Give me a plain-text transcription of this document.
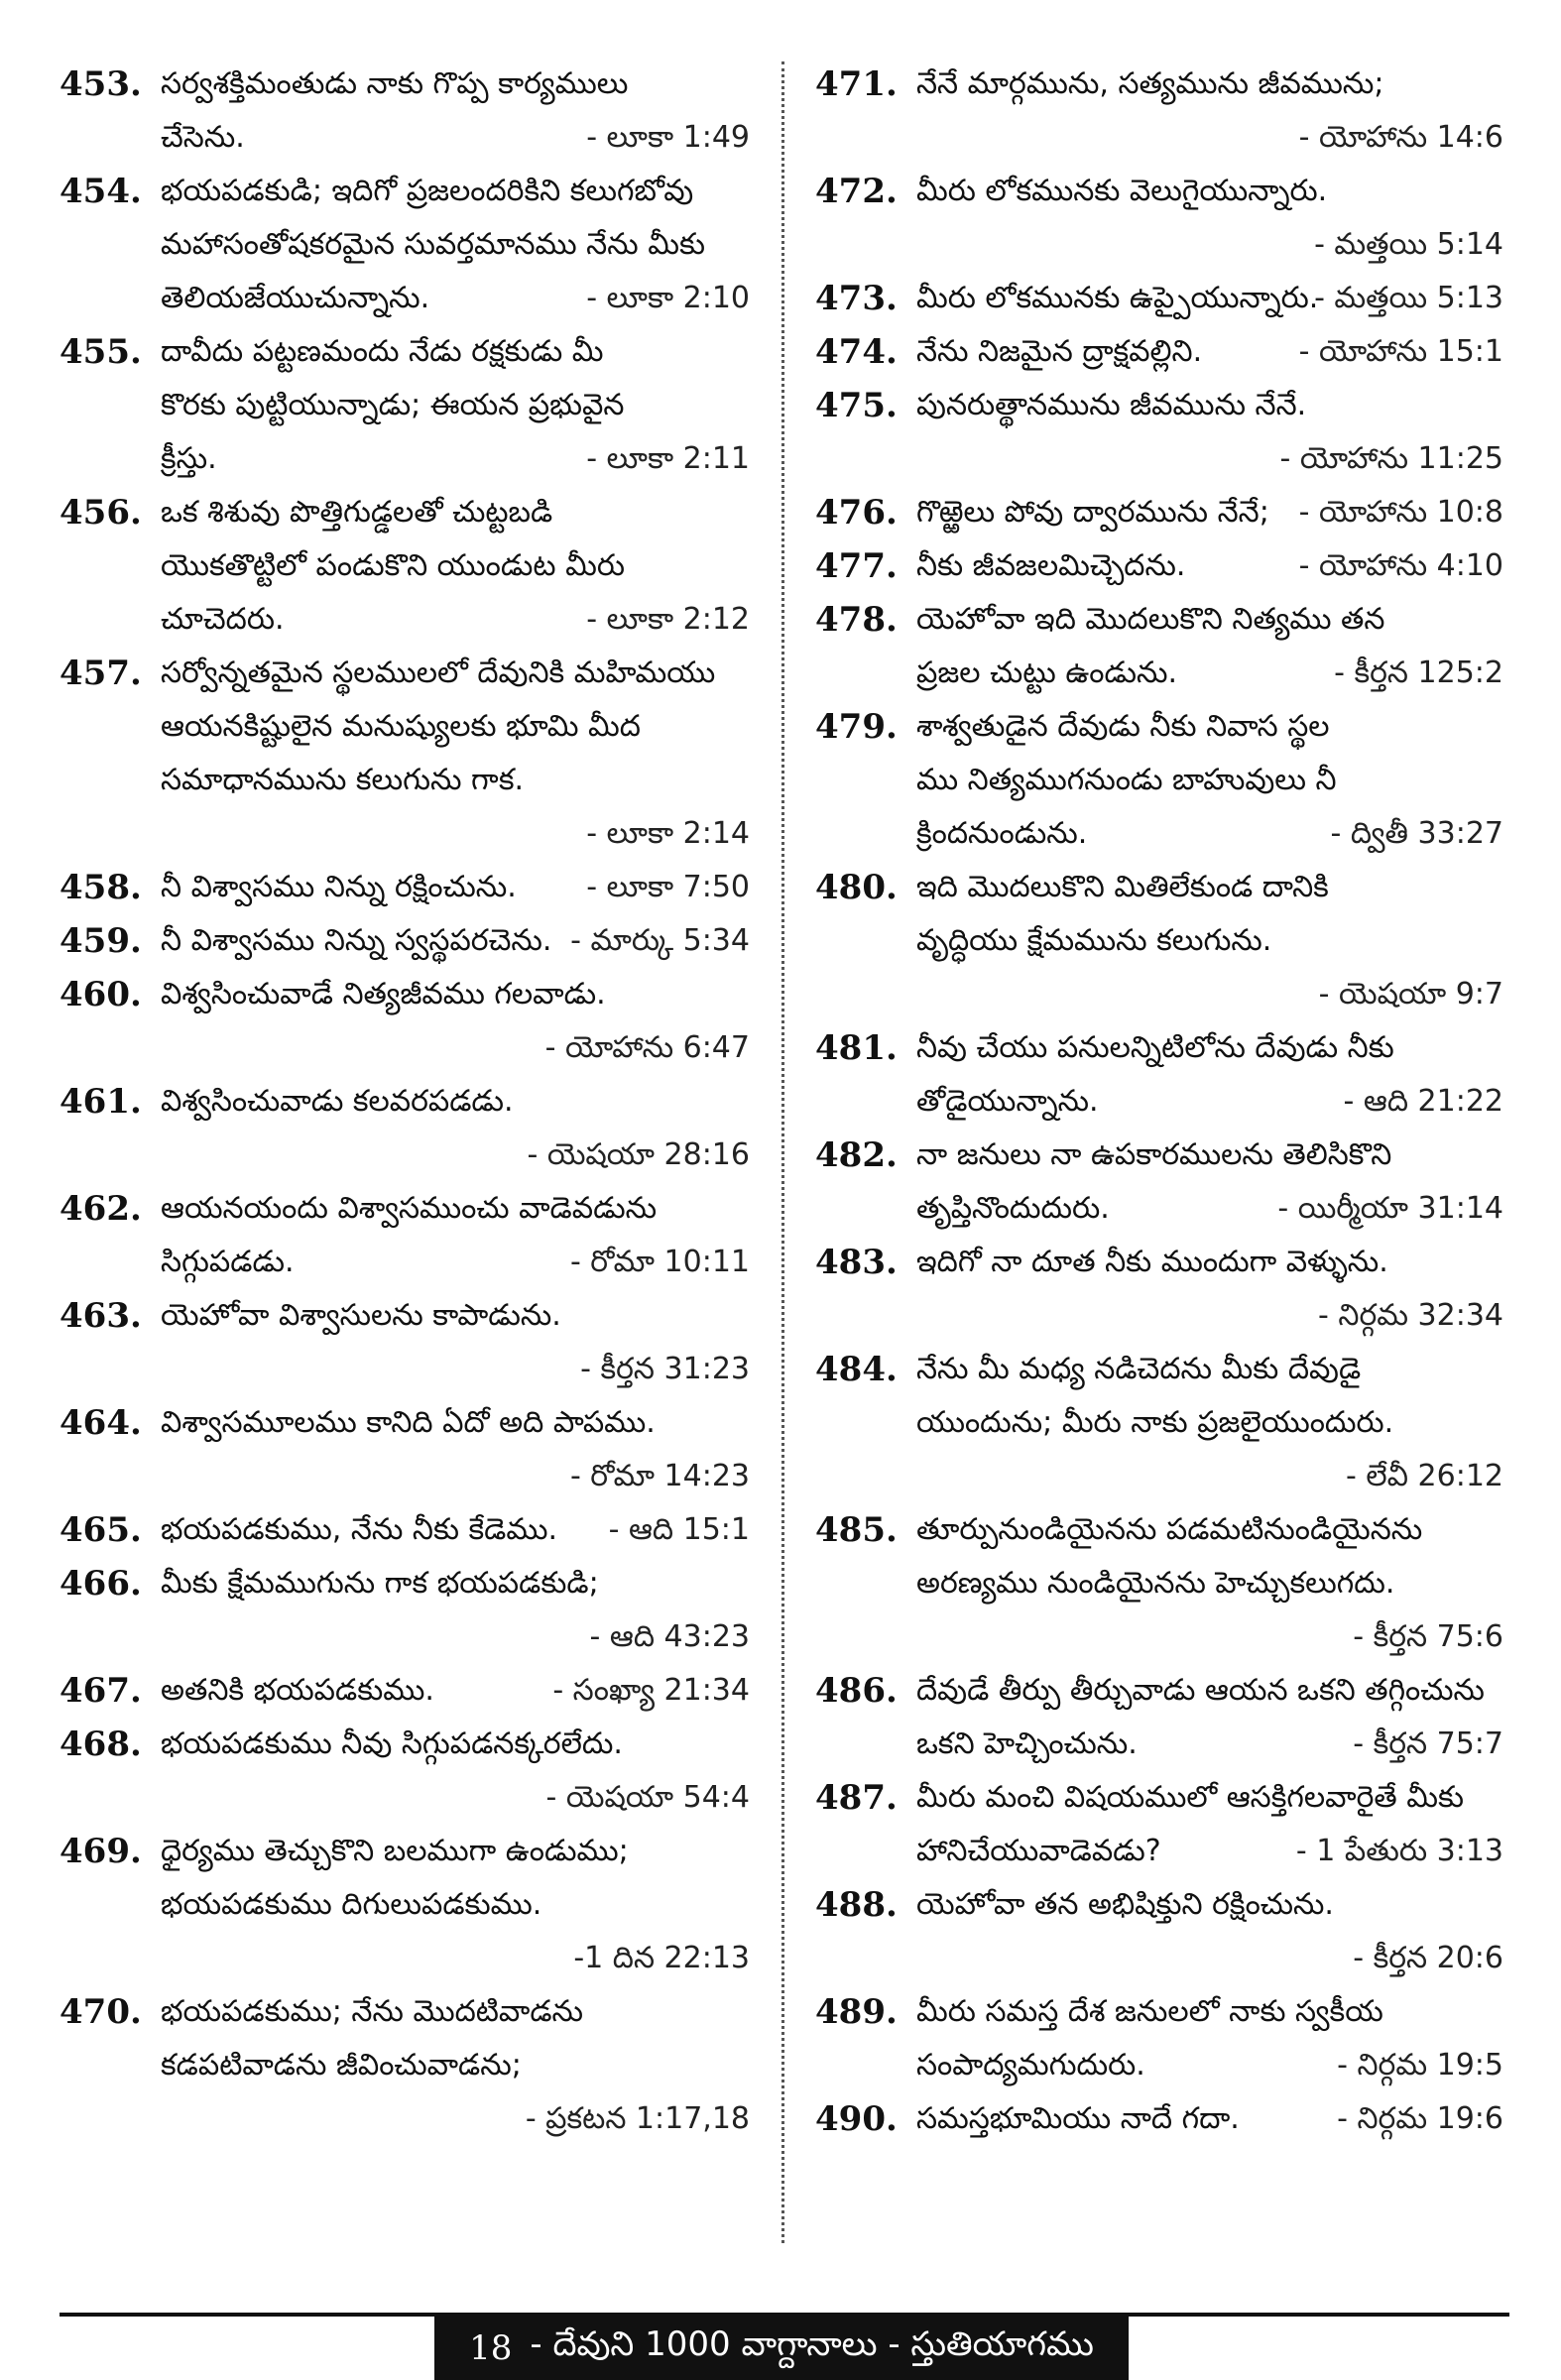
453. సర్వశక్తిమంతుడు నాకు గొప్ప కార్యములు
చేసెను.	- లూకా 1:49
454. భయపడకుడి; ఇదిగో ప్రజలందరికిని కలుగబోవు
మహాసంతోషకరమైన సువర్తమానము నేను మీకు
తెలియజేయుచున్నాను.	- లూకా 2:10
455. దావీదు పట్టణమందు నేడు రక్షకుడు మీ
కొరకు పుట్టియున్నాడు; ఈయన ప్రభువైన
క్రీస్తు.	- లూకా 2:11
456. ఒక శిశువు పొత్తిగుడ్డలతో చుట్టబడి
యొకతొట్టిలో పండుకొని యుండుట మీరు
చూచెదరు.	- లూకా 2:12
457. సర్వోన్నతమైన స్థలములలో దేవునికి మహిమయు
ఆయనకిష్టులైన మనుష్యులకు భూమి మీద
సమాధానమును కలుగును గాక.
- లూకా 2:14
458. నీ విశ్వాసము నిన్ను రక్షించును. - లూకా 7:50
459. నీ విశ్వాసము నిన్ను స్వస్థపరచెను. - మార్కు 5:34
460. విశ్వసించువాడే నిత్యజీవము గలవాడు.
- యోహాను 6:47
461. విశ్వసించువాడు కలవరపడడు.
- యెషయా 28:16
462. ఆయనయందు విశ్వాసముంచు వాడెవడును
సిగ్గుపడడు.	- రోమా 10:11
463. యెహోవా విశ్వాసులను కాపాడును.
- కీర్తన 31:23
464. విశ్వాసమూలము కానిది ఏదో అది పాపము.
- రోమా 14:23
465. భయపడకుము, నేను నీకు కేడెము. - ఆది 15:1
466. మీకు క్షేమముగును గాక భయపడకుడి;
- ఆది 43:23
467. అతనికి భయపడకుము.	- సంఖ్యా 21:34
468. భయపడకుము నీవు సిగ్గుపడనక్కరలేదు.
- యెషయా 54:4
469. ధైర్యము తెచ్చుకొని బలముగా ఉండుము;
భయపడకుము దిగులుపడకుము.
-1 దిన 22:13
470. భయపడకుము; నేను మొదటివాడను
కడపటివాడను జీవించువాడను;
- ప్రకటన 1:17,18
471. నేనే మార్గమును, సత్యమును జీవమును;
- యోహాను 14:6
472. మీరు లోకమునకు వెలుగైయున్నారు.
- మత్తయి 5:14
473. మీరు లోకమునకు ఉప్పైయున్నారు.
- మత్తయి 5:13
474. నేను నిజమైన ద్రాక్షవల్లిని.	- యోహాను 15:1
475. పునరుత్థానమును జీవమును నేనే.
- యోహాను 11:25
476. గొఱ్ఱెలు పోవు ద్వారమును నేనే; - యోహాను 10:8
477. నీకు జీవజలమిచ్చెదను.	- యోహాను 4:10
478. యెహోవా ఇది మొదలుకొని నిత్యము తన
ప్రజల చుట్టు ఉండును.	- కీర్తన 125:2
479. శాశ్వతుడైన దేవుడు నీకు నివాస స్థల
ము నిత్యముగనుండు బాహువులు నీ
క్రిందనుండును.	- ద్వితీ 33:27
480. ఇది మొదలుకొని మితిలేకుండ దానికి
వృద్ధియు క్షేమమును కలుగును.
- యెషయా 9:7
481. నీవు చేయు పనులన్నిటిలోను దేవుడు నీకు
తోడైయున్నాను.	- ఆది 21:22
482. నా జనులు నా ఉపకారములను తెలిసికొని
తృప్తినొందుదురు.	- యిర్మీయా 31:14
483. ఇదిగో నా దూత నీకు ముందుగా వెళ్ళును.
- నిర్గమ 32:34
484. నేను మీ మధ్య నడిచెదను మీకు దేవుడై
యుందును; మీరు నాకు ప్రజలైయుందురు.
- లేవీ 26:12
485. తూర్పునుండియైనను పడమటినుండియైనను
అరణ్యము నుండియైనను హెచ్చుకలుగదు.
- కీర్తన 75:6
486. దేవుడే తీర్పు తీర్చువాడు ఆయన ఒకని తగ్గించును
ఒకని హెచ్చించును.	- కీర్తన 75:7
487. మీరు మంచి విషయములో ఆసక్తిగలవారైతే మీకు
హానిచేయువాడెవడు?	- 1 పేతురు 3:13
488. యెహోవా తన అభిషిక్తుని రక్షించును.
- కీర్తన 20:6
489. మీరు సమస్త దేశ జనులలో నాకు స్వకీయ
సంపాద్యమగుదురు.	- నిర్గమ 19:5
490. సమస్తభూమియు నాదే గదా.	- నిర్గమ 19:6
18 - దేవుని 1000 వాగ్దానాలు - స్తుతియాగము
